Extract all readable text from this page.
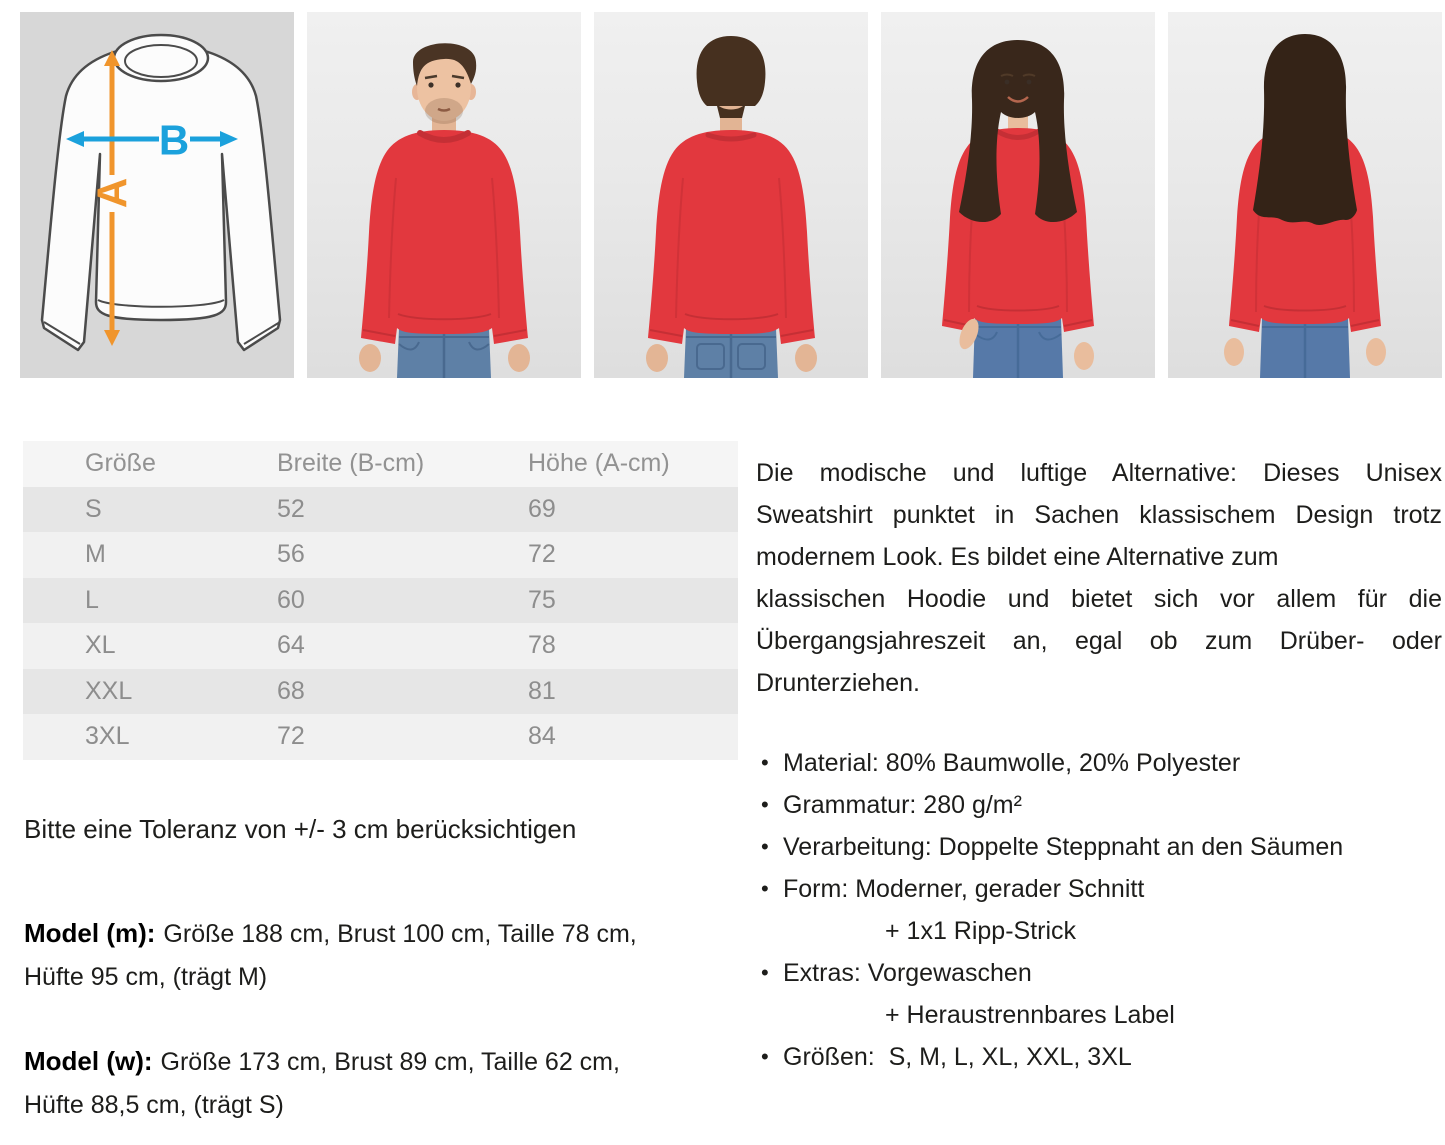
A
B
Größe	Breite (B-cm)	Höhe (A-cm)
S	52	69
M	56	72
L	60	75
XL	64	78
XXL	68	81
3XL	72	84
Bitte eine Toleranz von +/- 3 cm berücksichtigen
Model (m): Größe 188 cm, Brust 100 cm, Taille 78 cm,
Hüfte 95 cm, (trägt M)
Model (w): Größe 173 cm, Brust 89 cm, Taille 62 cm,
Hüfte 88,5 cm, (trägt S)
Die modische und luftige Alternative: Dieses Unisex
Sweatshirt punktet in Sachen klassischem Design trotz
modernem Look. Es bildet eine Alternative zum
klassischen Hoodie und bietet sich vor allem für die
Übergangsjahreszeit an, egal ob zum Drüber- oder
Drunterziehen.
• Material: 80% Baumwolle, 20% Polyester
• Grammatur: 280 g/m²
• Verarbeitung: Doppelte Steppnaht an den Säumen
• Form: Moderner, gerader Schnitt
+ 1x1 Ripp-Strick
• Extras: Vorgewaschen
+ Heraustrennbares Label
• Größen:  S, M, L, XL, XXL, 3XL
